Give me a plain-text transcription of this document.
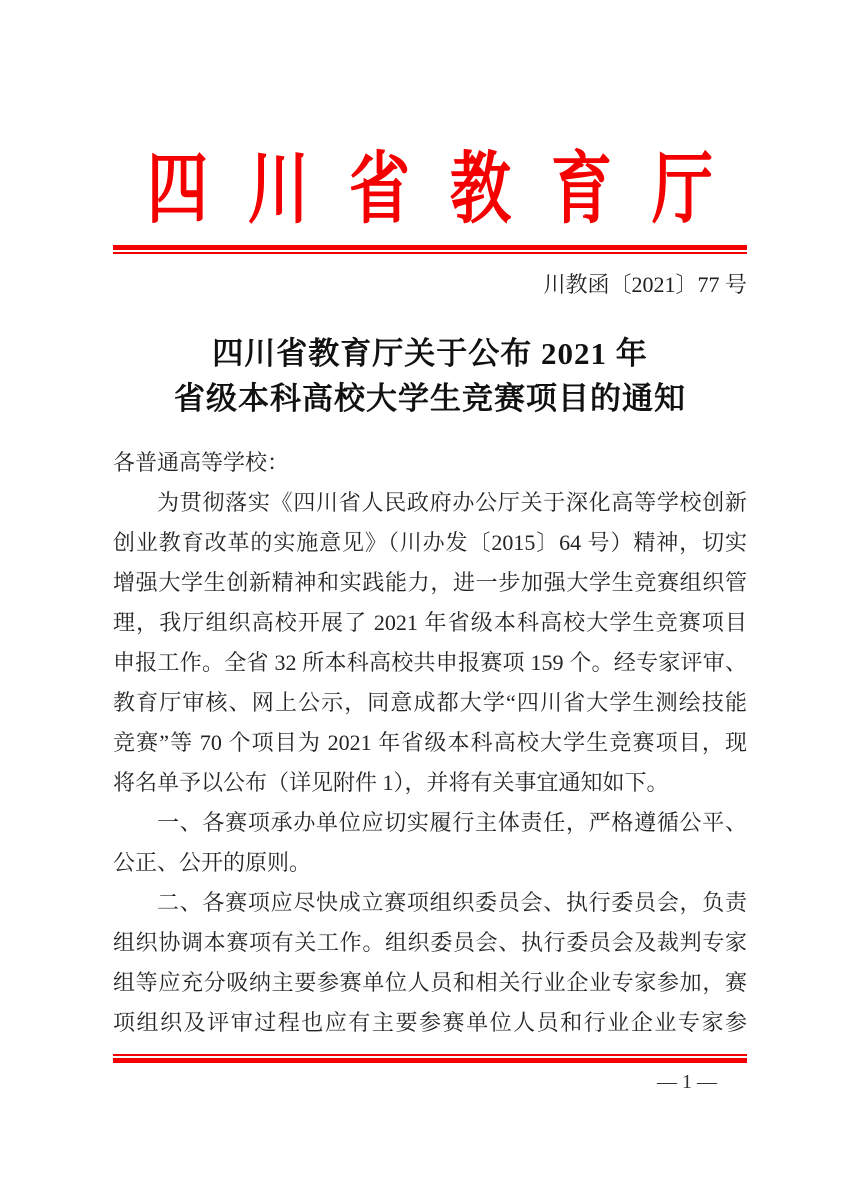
四川省教育厅
川教函〔2021〕77 号
四川省教育厅关于公布 2021 年
省级本科高校大学生竞赛项目的通知
各普通高等学校：
为贯彻落实《四川省人民政府办公厅关于深化高等学校创新
创业教育改革的实施意见》（川办发〔2015〕64 号）精神，切实
增强大学生创新精神和实践能力，进一步加强大学生竞赛组织管
理，我厅组织高校开展了 2021 年省级本科高校大学生竞赛项目
申报工作。全省 32 所本科高校共申报赛项 159 个。经专家评审、
教育厅审核、网上公示，同意成都大学“四川省大学生测绘技能
竞赛”等 70 个项目为 2021 年省级本科高校大学生竞赛项目，现
将名单予以公布（详见附件 1），并将有关事宜通知如下。
一、各赛项承办单位应切实履行主体责任，严格遵循公平、
公正、公开的原则。
二、各赛项应尽快成立赛项组织委员会、执行委员会，负责
组织协调本赛项有关工作。组织委员会、执行委员会及裁判专家
组等应充分吸纳主要参赛单位人员和相关行业企业专家参加，赛
项组织及评审过程也应有主要参赛单位人员和行业企业专家参
— 1 —
